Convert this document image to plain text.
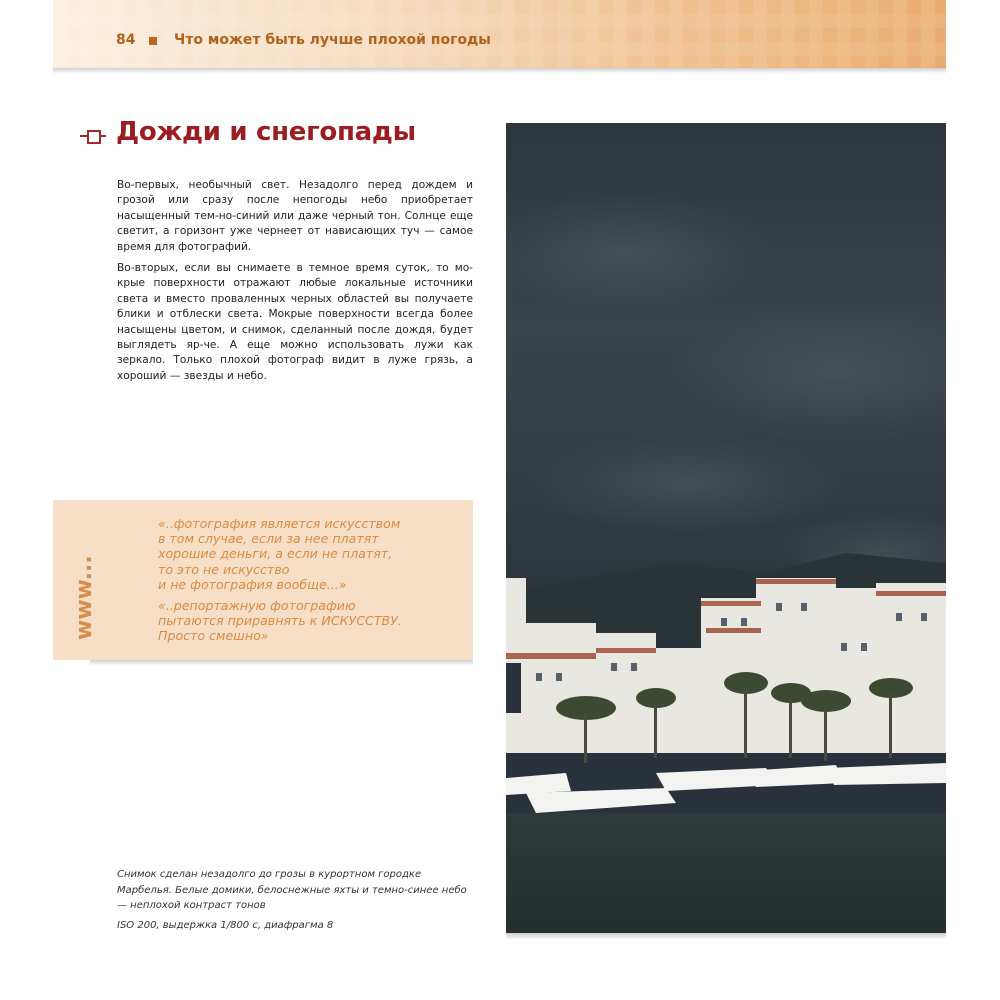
84	Что может быть лучше плохой погоды
Дожди и снегопады

Во-первых, необычный свет. Незадолго перед дождем и грозой или сразу после непогоды небо приобретает насыщенный тем-но-синий или даже черный тон. Солнце еще светит, а горизонт уже чернеет от нависающих туч — самое время для фотографий.

Во-вторых, если вы снимаете в темное время суток, то мо-крые поверхности отражают любые локальные источники света и вместо проваленных черных областей вы получаете блики и отблески света. Мокрые поверхности всегда более насыщены цветом, и снимок, сделанный после дождя, будет выглядеть яр-че. А еще можно использовать лужи как зеркало. Только плохой фотограф видит в луже грязь, а хороший — звезды и небо.

www...
«..фотография является искусством
в том случае, если за нее платят
хорошие деньги, а если не платят,
то это не искусство
и не фотография вообще...»
«..репортажную фотографию
пытаются приравнять к ИСКУССТВУ.
Просто смешно»
Снимок сделан незадолго до грозы в курортном городке Марбелья. Белые домики, белоснежные яхты и темно-синее небо — неплохой контраст тонов
ISO 200, выдержка 1/800 с, диафрагма 8
